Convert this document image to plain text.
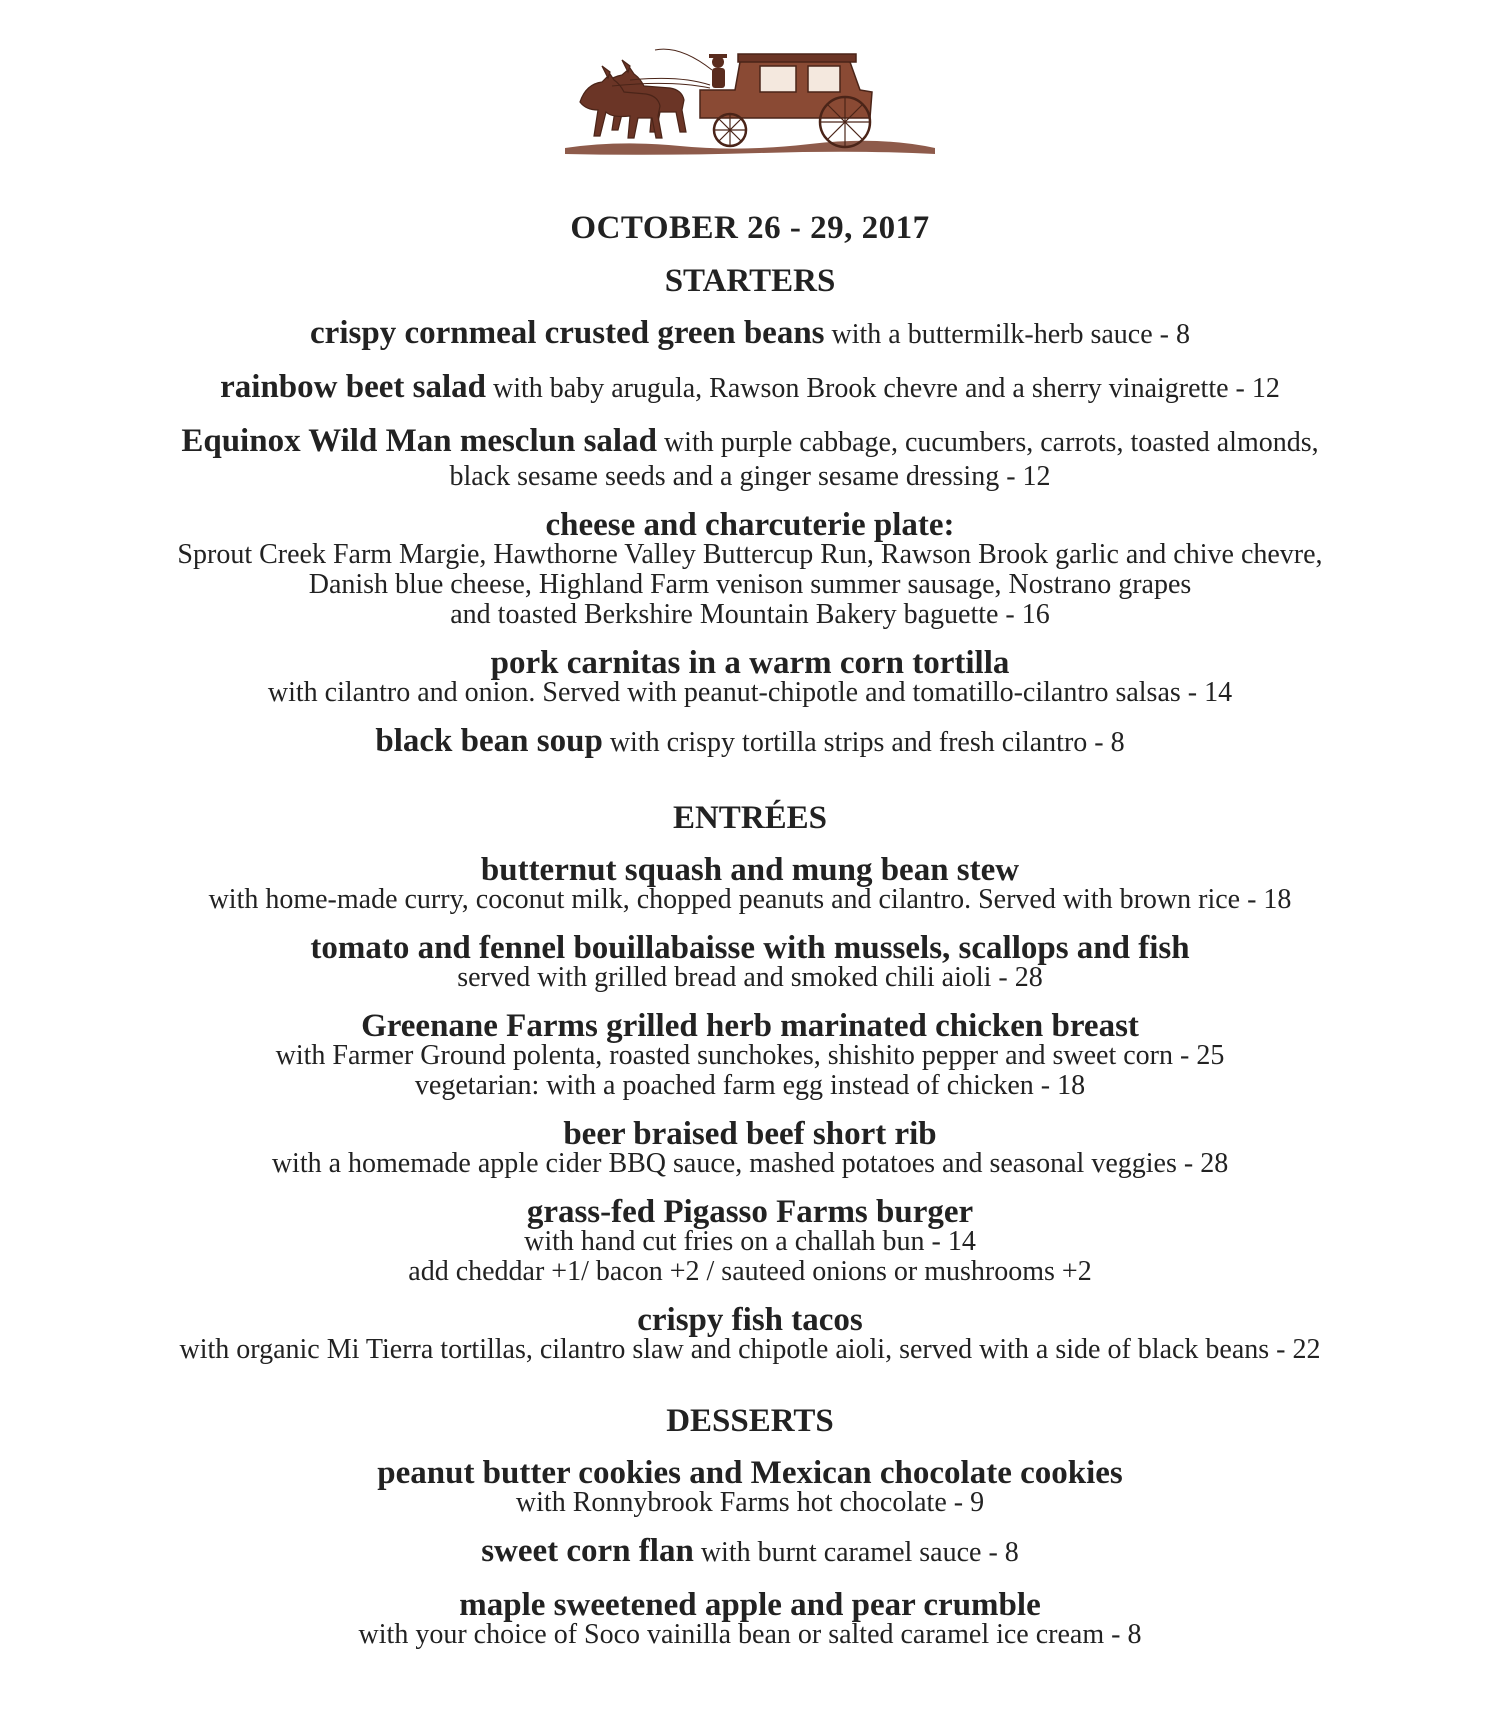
OCTOBER 26 - 29, 2017
STARTERS
crispy cornmeal crusted green beans with a buttermilk-herb sauce - 8
rainbow beet salad with baby arugula, Rawson Brook chevre and a sherry vinaigrette - 12
Equinox Wild Man mesclun salad with purple cabbage, cucumbers, carrots, toasted almonds,
black sesame seeds and a ginger sesame dressing - 12
cheese and charcuterie plate:
Sprout Creek Farm Margie, Hawthorne Valley Buttercup Run, Rawson Brook garlic and chive chevre,
Danish blue cheese, Highland Farm venison summer sausage, Nostrano grapes
and toasted Berkshire Mountain Bakery baguette - 16
pork carnitas in a warm corn tortilla
with cilantro and onion. Served with peanut-chipotle and tomatillo-cilantro salsas - 14
black bean soup with crispy tortilla strips and fresh cilantro - 8
ENTRÉES
butternut squash and mung bean stew
with home-made curry, coconut milk, chopped peanuts and cilantro. Served with brown rice - 18
tomato and fennel bouillabaisse with mussels, scallops and fish
served with grilled bread and smoked chili aioli - 28
Greenane Farms grilled herb marinated chicken breast
with Farmer Ground polenta, roasted sunchokes, shishito pepper and sweet corn - 25
vegetarian: with a poached farm egg instead of chicken - 18
beer braised beef short rib
with a homemade apple cider BBQ sauce, mashed potatoes and seasonal veggies - 28
grass-fed Pigasso Farms burger
with hand cut fries on a challah bun - 14
add cheddar +1/ bacon +2 / sauteed onions or mushrooms +2
crispy fish tacos
with organic Mi Tierra tortillas, cilantro slaw and chipotle aioli, served with a side of black beans - 22
DESSERTS
peanut butter cookies and Mexican chocolate cookies
with Ronnybrook Farms hot chocolate - 9
sweet corn flan with burnt caramel sauce - 8
maple sweetened apple and pear crumble
with your choice of Soco vainilla bean or salted caramel ice cream - 8
